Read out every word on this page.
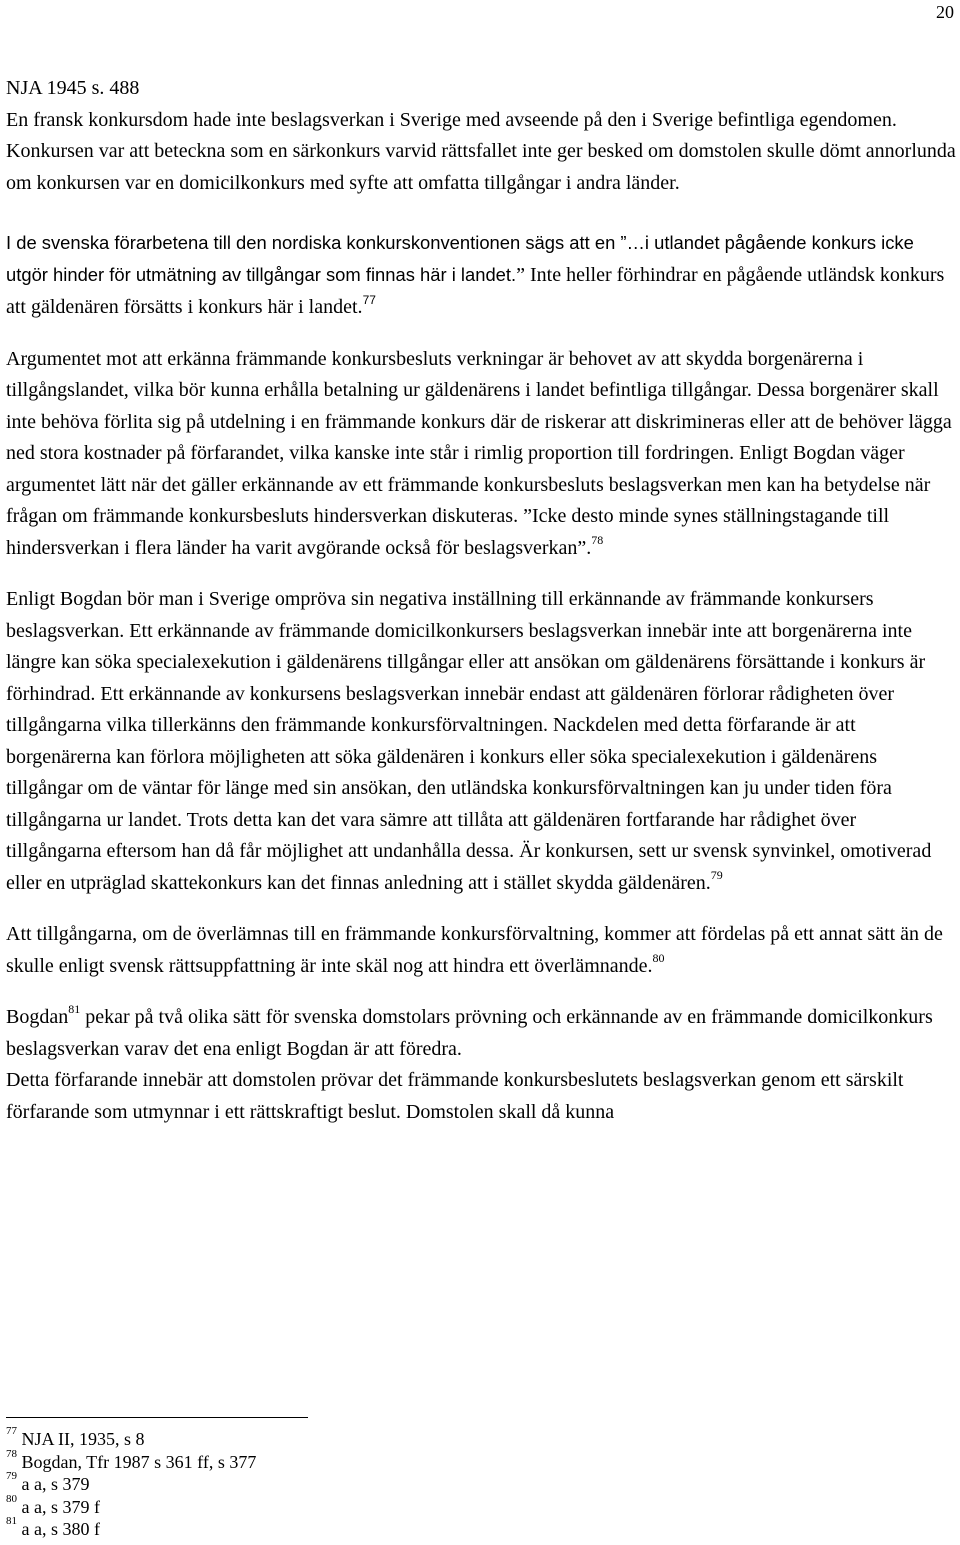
20

NJA 1945 s. 488
En fransk konkursdom hade inte beslagsverkan i Sverige med avseende på den i Sverige befintliga egendomen. Konkursen var att beteckna som en särkonkurs varvid rättsfallet inte ger besked om domstolen skulle dömt annorlunda om konkursen var en domicilkonkurs med syfte att omfatta tillgångar i andra länder.

I de svenska förarbetena till den nordiska konkurskonventionen sägs att en ”…i utlandet pågående konkurs icke utgör hinder för utmätning av tillgångar som finnas här i landet.” Inte heller förhindrar en pågående utländsk konkurs att gäldenären försätts i konkurs här i landet.$^{77}$

Argumentet mot att erkänna främmande konkursbesluts verkningar är behovet av att skydda borgenärerna i tillgångslandet, vilka bör kunna erhålla betalning ur gäldenärens i landet befintliga tillgångar. Dessa borgenärer skall inte behöva förlita sig på utdelning i en främmande konkurs där de riskerar att diskrimineras eller att de behöver lägga ned stora kostnader på förfarandet, vilka kanske inte står i rimlig proportion till fordringen. Enligt Bogdan väger argumentet lätt när det gäller erkännande av ett främmande konkursbesluts beslagsverkan men kan ha betydelse när frågan om främmande konkursbesluts hindersverkan diskuteras. ”Icke desto minde synes ställningstagande till hindersverkan i flera länder ha varit avgörande också för beslagsverkan”.$^{78}$

Enligt Bogdan bör man i Sverige ompröva sin negativa inställning till erkännande av främmande konkursers beslagsverkan. Ett erkännande av främmande domicilkonkursers beslagsverkan innebär inte att borgenärerna inte längre kan söka specialexekution i gäldenärens tillgångar eller att ansökan om gäldenärens försättande i konkurs är förhindrad. Ett erkännande av konkursens beslagsverkan innebär endast att gäldenären förlorar rådigheten över tillgångarna vilka tillerkänns den främmande konkursförvaltningen. Nackdelen med detta förfarande är att borgenärerna kan förlora möjligheten att söka gäldenären i konkurs eller söka specialexekution i gäldenärens tillgångar om de väntar för länge med sin ansökan, den utländska konkursförvaltningen kan ju under tiden föra tillgångarna ur landet. Trots detta kan det vara sämre att tillåta att gäldenären fortfarande har rådighet över tillgångarna eftersom han då får möjlighet att undanhålla dessa. Är konkursen, sett ur svensk synvinkel, omotiverad eller en utpräglad skattekonkurs kan det finnas anledning att i stället skydda gäldenären.$^{79}$

Att tillgångarna, om de överlämnas till en främmande konkursförvaltning, kommer att fördelas på ett annat sätt än de skulle enligt svensk rättsuppfattning är inte skäl nog att hindra ett överlämnande.$^{80}$

Bogdan$^{81}$ pekar på två olika sätt för svenska domstolars prövning och erkännande av en främmande domicilkonkurs beslagsverkan varav det ena enligt Bogdan är att föredra.
Detta förfarande innebär att domstolen prövar det främmande konkursbeslutets beslagsverkan genom ett särskilt förfarande som utmynnar i ett rättskraftigt beslut. Domstolen skall då kunna

$^{77}$ NJA II, 1935, s 8
$^{78}$ Bogdan, Tfr 1987 s 361 ff, s 377
$^{79}$ a a, s 379
$^{80}$ a a, s 379 f
$^{81}$ a a, s 380 f
